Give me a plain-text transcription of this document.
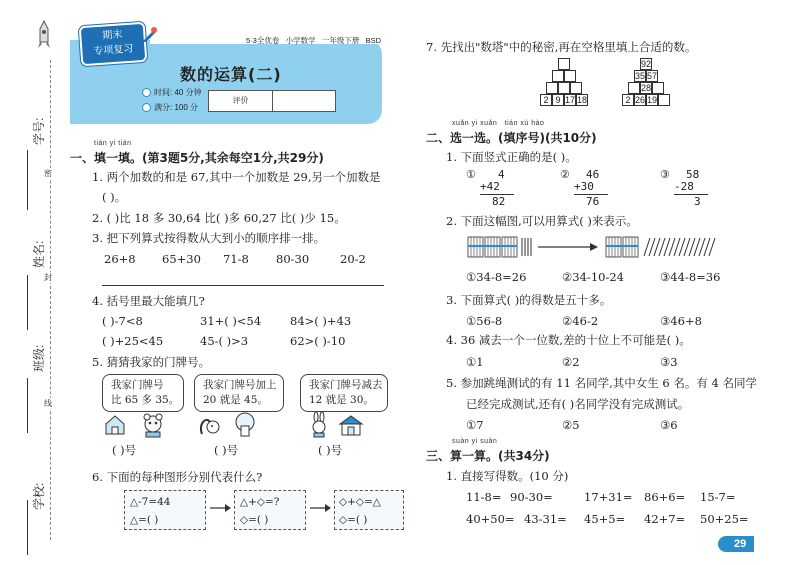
学号:
姓名:
班级:
学校:
密
封
线
5·3全优卷 小学数学 一年级下册 BSD
期末
专项复习
数的运算(二)
时间: 40 分钟
满分: 100 分
评价
tián yi tián
一、填一填。(第3题5分,其余每空1分,共29分)
1. 两个加数的和是 67,其中一个加数是 29,另一个加数是
( )。
2. ( )比 18 多 30,64 比( )多 60,27 比( )少 15。
3. 把下列算式按得数从大到小的顺序排一排。
26+8 65+30 71-8 80-30	20-2
4. 括号里最大能填几?
( )-7<8	31+( )<54	84>( )+43
( )+25<45	45-( )>3	62>( )-10
5. 猜猜我家的门牌号。
我家门牌号
比 65 多 35。
我家门牌号加上
20 就是 45。
我家门牌号减去
12 就是 30。
( )号	( )号	( )号
6. 下面的每种图形分别代表什么?
△-7=44
△=( )
△+◇=?
◇=( )
◇+◇=△
◇=( )
7. 先找出"数塔"中的秘密,再在空格里填上合适的数。
2 9 17 18
92
35 57
28
2 26 19
xuǎn yi xuǎn   tián xù hào
二、选一选。(填序号)(共10分)
1. 下面竖式正确的是( )。
① 4
+42
82
② 46
+30
76
③ 58
-28
3
2. 下面这幅图,可以用算式( )来表示。
①34-8=26	②34-10-24	③44-8=36
3. 下面算式( )的得数是五十多。
①56-8	②46-2	③46+8
4. 36 减去一个一位数,差的十位上不可能是( )。
①1	②2	③3
5. 参加跳绳测试的有 11 名同学,其中女生 6 名。有 4 名同学
已经完成测试,还有( )名同学没有完成测试。
①7	②5	③6
suàn yi suàn
三、算一算。(共34分)
1. 直接写得数。(10 分)
11-8= 90-30=	17+31= 86+6= 15-7=
40+50= 43-31= 45+5= 42+7= 50+25=
29
